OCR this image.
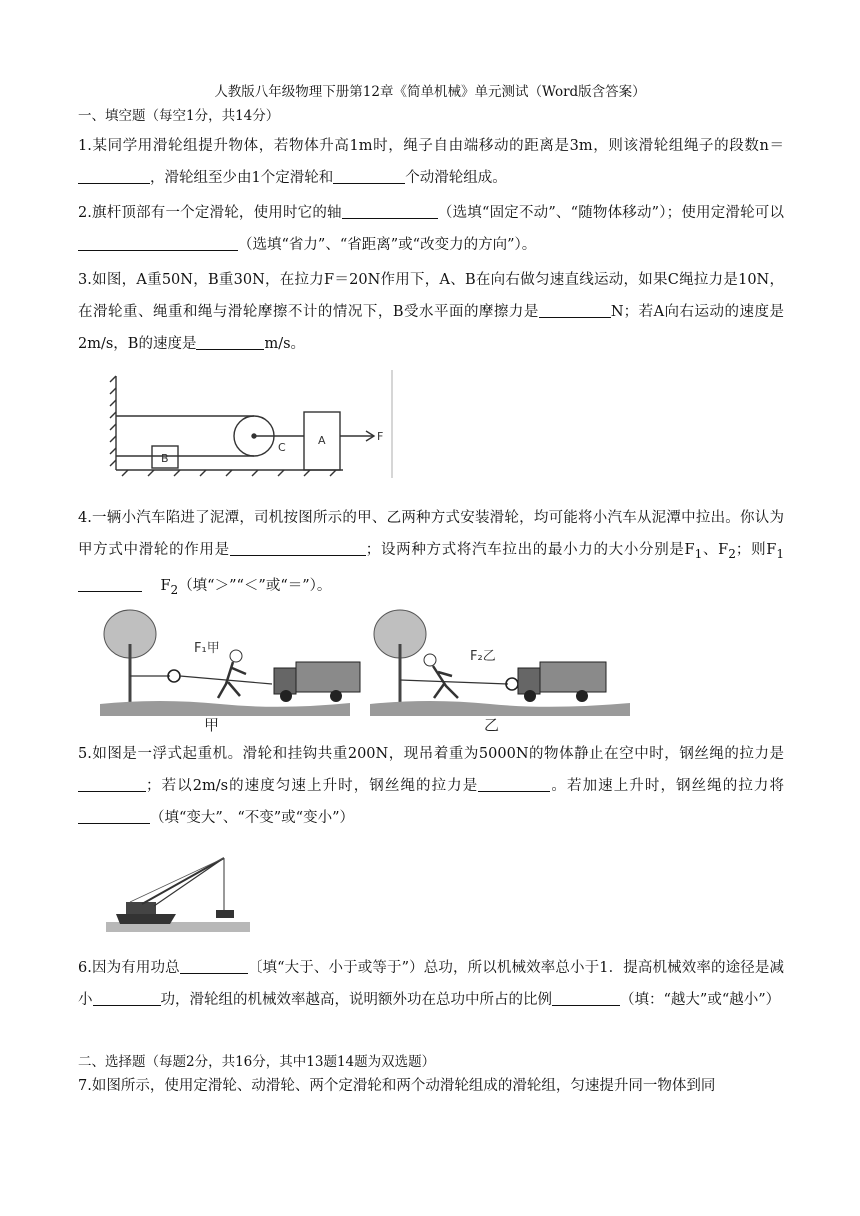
人教版八年级物理下册第12章《简单机械》单元测试（Word版含答案）
一、填空题（每空1分，共14分）
1.某同学用滑轮组提升物体，若物体升高1m时，绳子自由端移动的距离是3m，则该滑轮组绳子的段数n＝，滑轮组至少由1个定滑轮和	个动滑轮组成。
2.旗杆顶部有一个定滑轮，使用时它的轴	（选填“固定不动”、“随物体移动”）；使用定滑轮可以（选填“省力”、“省距离”或“改变力的方向”）。
3.如图，A重50N，B重30N，在拉力F＝20N作用下，A、B在向右做匀速直线运动，如果C绳拉力是10N，在滑轮重、绳重和绳与滑轮摩擦不计的情况下，B受水平面的摩擦力是	N；若A向右运动的速度是2m/s，B的速度是	m/s。
B
C
A	F
4.一辆小汽车陷进了泥潭，司机按图所示的甲、乙两种方式安装滑轮，均可能将小汽车从泥潭中拉出。你认为甲方式中滑轮的作用是	；设两种方式将汽车拉出的最小力的大小分别是$F_1$、$F_2$；则$F_1$    $F_2$（填“＞”“＜”或“＝”）。
F₁甲
甲
F₂乙
乙
5.如图是一浮式起重机。滑轮和挂钩共重200N，现吊着重为5000N的物体静止在空中时，钢丝绳的拉力是；若以2m/s的速度匀速上升时，钢丝绳的拉力是	。若加速上升时，钢丝绳的拉力将（填“变大”、“不变”或“变小”）
6.因为有用功总	〔填“大于、小于或等于”）总功，所以机械效率总小于1．提高机械效率的途径是减小	功，滑轮组的机械效率越高，说明额外功在总功中所占的比例	（填：“越大”或“越小”）
二、选择题（每题2分，共16分，其中13题14题为双选题）
7.如图所示，使用定滑轮、动滑轮、两个定滑轮和两个动滑轮组成的滑轮组，匀速提升同一物体到同
